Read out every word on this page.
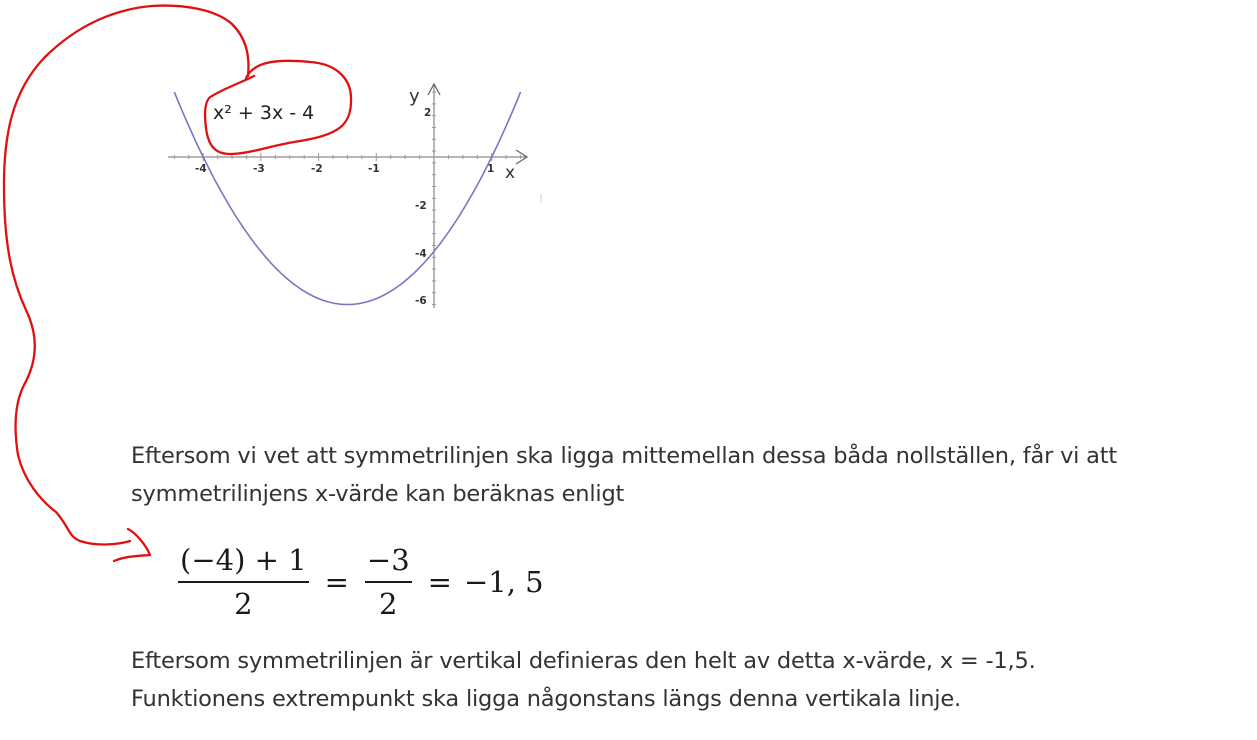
-4	-3	-2	-1	1
2
-2
-4
-6
y
x
x² + 3x - 4

Eftersom vi vet att symmetrilinjen ska ligga mittemellan dessa båda nollställen, får vi att symmetrilinjens x-värde kan beräknas enligt

$\frac{(-4) + 1}{2} = \frac{-3}{2} = -1$, 5

Eftersom symmetrilinjen är vertikal definieras den helt av detta x-värde, x = -1,5. Funktionens extrempunkt ska ligga någonstans längs denna vertikala linje.
